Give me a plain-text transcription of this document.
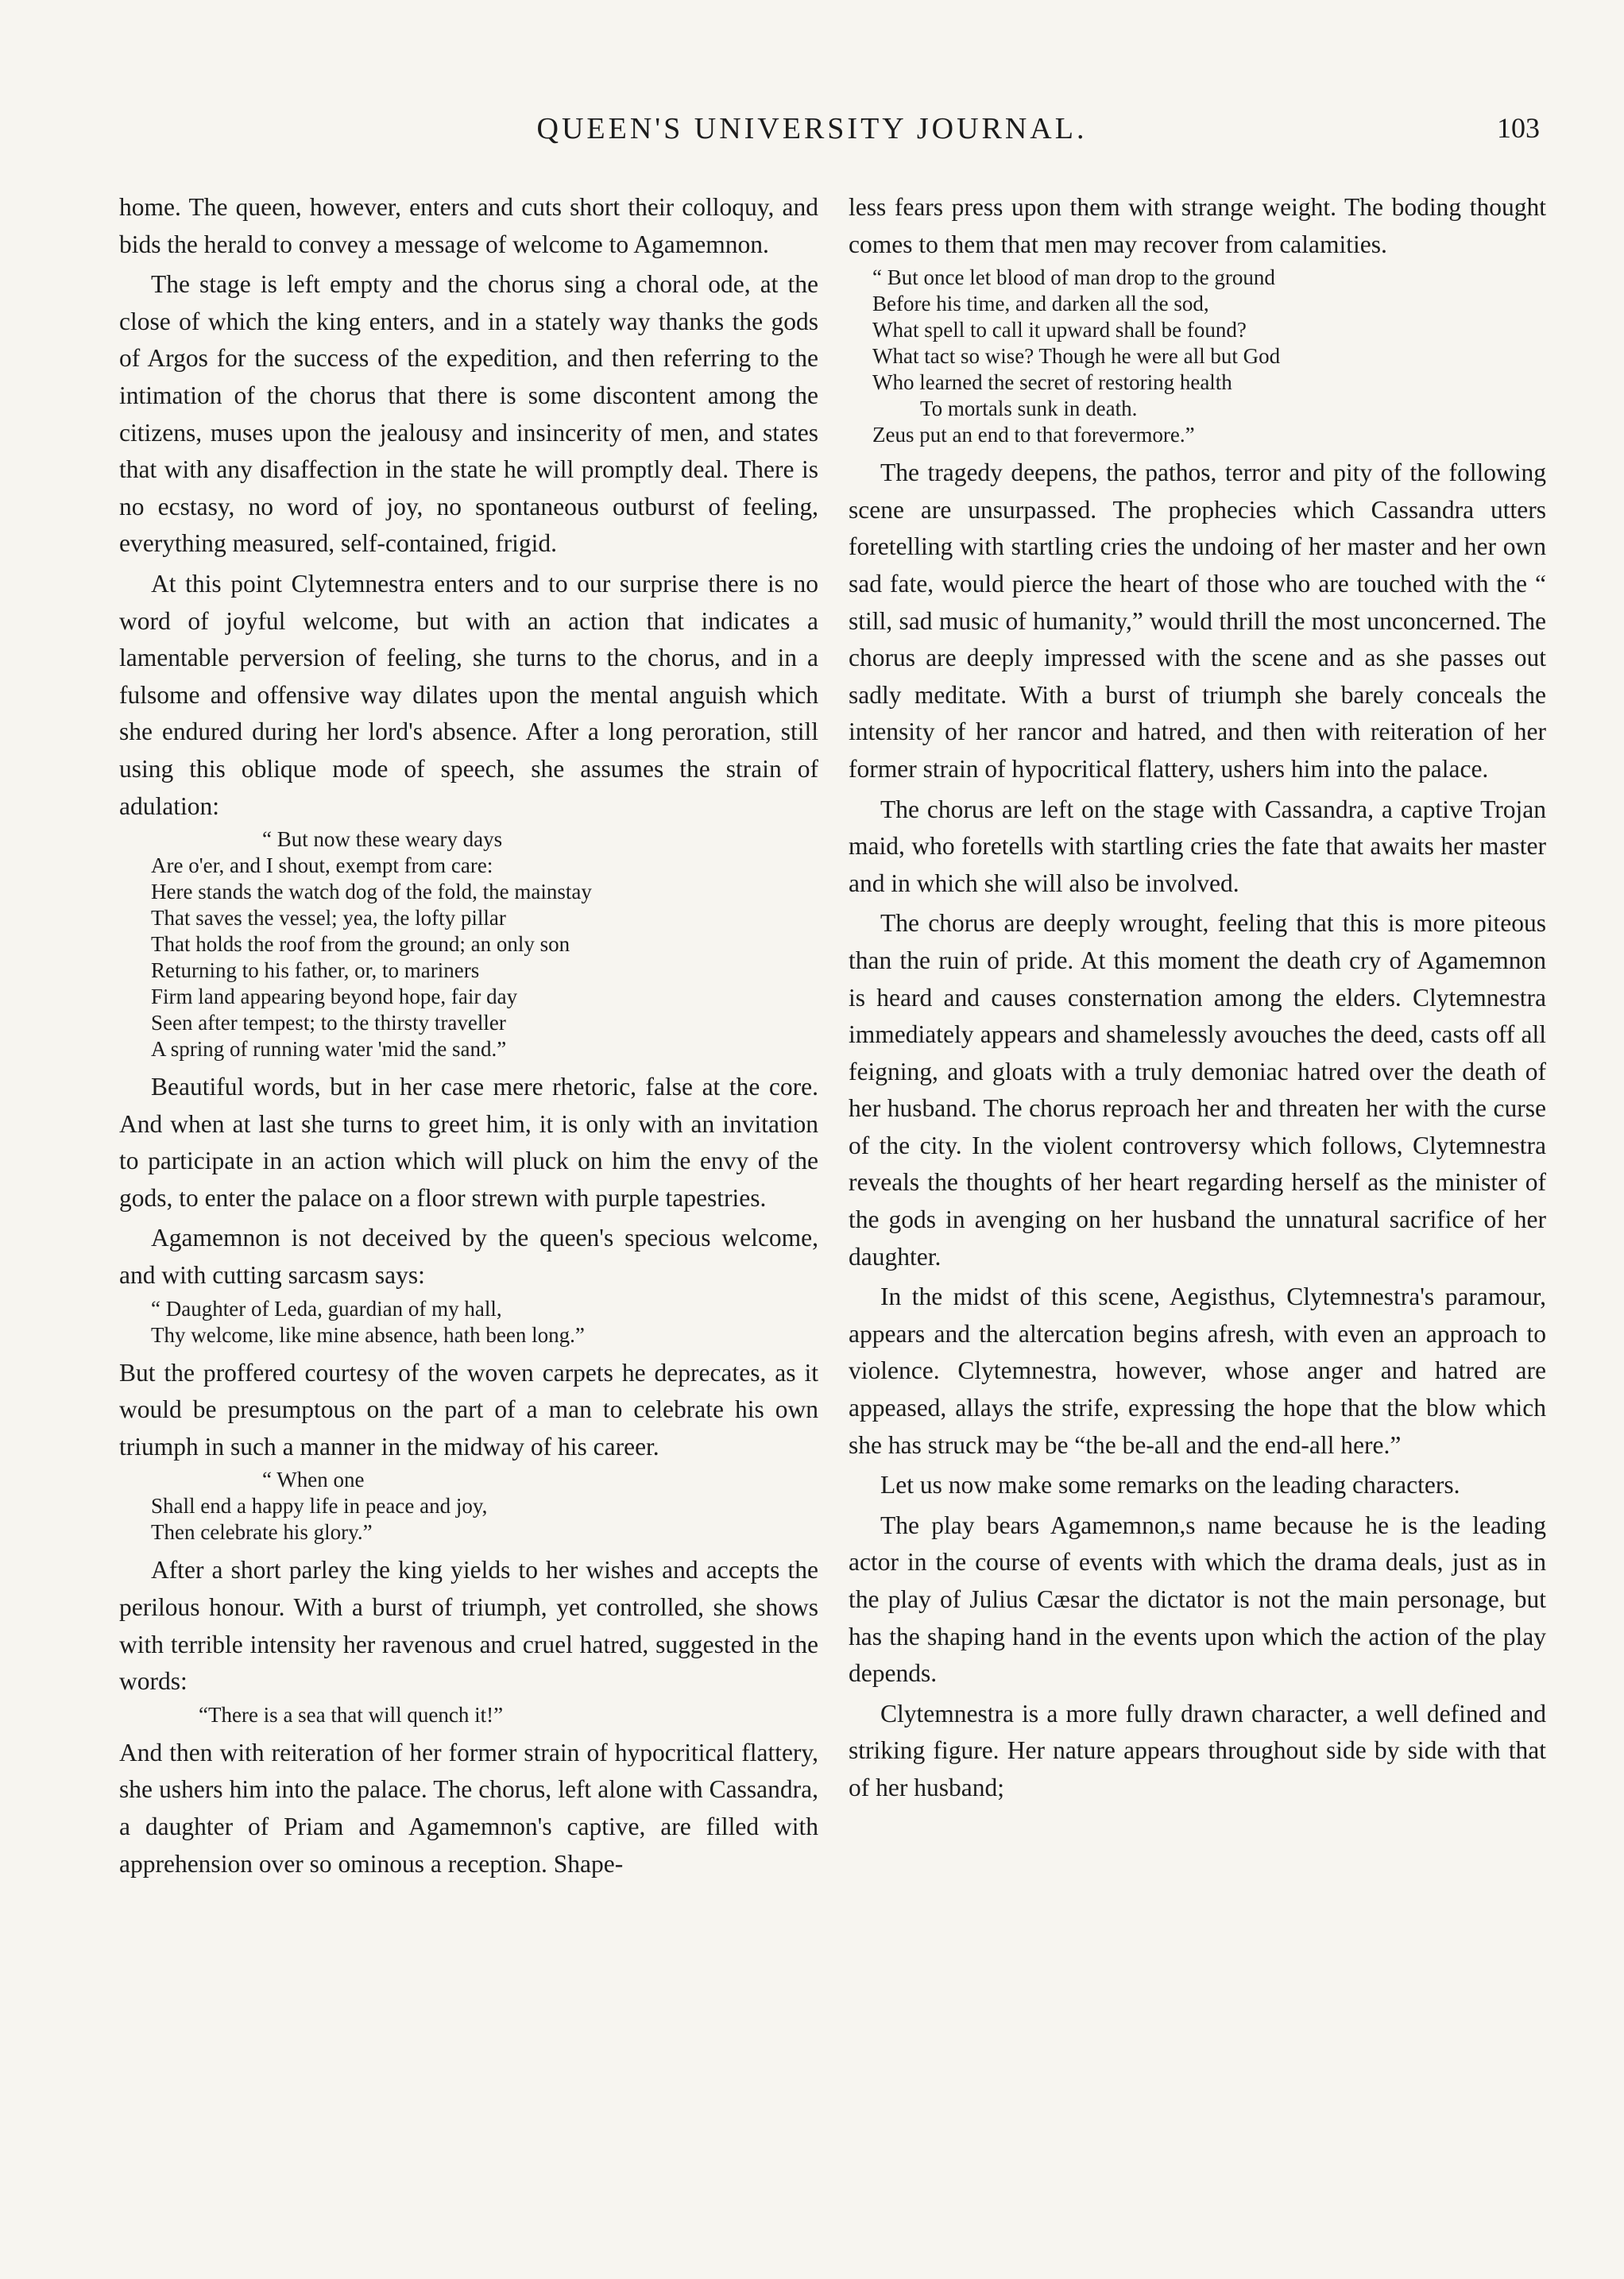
QUEEN'S UNIVERSITY JOURNAL.	103

home. The queen, however, enters and cuts short their colloquy, and bids the herald to convey a message of welcome to Agamemnon.

The stage is left empty and the chorus sing a choral ode, at the close of which the king enters, and in a stately way thanks the gods of Argos for the success of the expedition, and then referring to the intimation of the chorus that there is some discontent among the citizens, muses upon the jealousy and insincerity of men, and states that with any disaffection in the state he will promptly deal. There is no ecstasy, no word of joy, no spontaneous outburst of feeling, everything measured, self-contained, frigid.

At this point Clytemnestra enters and to our surprise there is no word of joyful welcome, but with an action that indicates a lamentable perversion of feeling, she turns to the chorus, and in a fulsome and offensive way dilates upon the mental anguish which she endured during her lord's absence. After a long peroration, still using this oblique mode of speech, she assumes the strain of adulation:

“ But now these weary days
Are o'er, and I shout, exempt from care:
Here stands the watch dog of the fold, the mainstay
That saves the vessel; yea, the lofty pillar
That holds the roof from the ground; an only son
Returning to his father, or, to mariners
Firm land appearing beyond hope, fair day
Seen after tempest; to the thirsty traveller
A spring of running water 'mid the sand.”

Beautiful words, but in her case mere rhetoric, false at the core. And when at last she turns to greet him, it is only with an invitation to participate in an action which will pluck on him the envy of the gods, to enter the palace on a floor strewn with purple tapestries.

Agamemnon is not deceived by the queen's specious welcome, and with cutting sarcasm says:

“ Daughter of Leda, guardian of my hall,
Thy welcome, like mine absence, hath been long.”

But the proffered courtesy of the woven carpets he deprecates, as it would be presumptous on the part of a man to celebrate his own triumph in such a manner in the midway of his career.

“ When one
Shall end a happy life in peace and joy,
Then celebrate his glory.”

After a short parley the king yields to her wishes and accepts the perilous honour. With a burst of triumph, yet controlled, she shows with terrible intensity her ravenous and cruel hatred, suggested in the words:

“There is a sea that will quench it!”

And then with reiteration of her former strain of hypocritical flattery, she ushers him into the palace. The chorus, left alone with Cassandra, a daughter of Priam and Agamemnon's captive, are filled with apprehension over so ominous a reception. Shape-

less fears press upon them with strange weight. The boding thought comes to them that men may recover from calamities.

“ But once let blood of man drop to the ground
Before his time, and darken all the sod,
What spell to call it upward shall be found?
What tact so wise? Though he were all but God
Who learned the secret of restoring health
To mortals sunk in death.
Zeus put an end to that forevermore.”

The tragedy deepens, the pathos, terror and pity of the following scene are unsurpassed. The prophecies which Cassandra utters foretelling with startling cries the undoing of her master and her own sad fate, would pierce the heart of those who are touched with the “ still, sad music of humanity,” would thrill the most unconcerned. The chorus are deeply impressed with the scene and as she passes out sadly meditate. With a burst of triumph she barely conceals the intensity of her rancor and hatred, and then with reiteration of her former strain of hypocritical flattery, ushers him into the palace.

The chorus are left on the stage with Cassandra, a captive Trojan maid, who foretells with startling cries the fate that awaits her master and in which she will also be involved.

The chorus are deeply wrought, feeling that this is more piteous than the ruin of pride. At this moment the death cry of Agamemnon is heard and causes consternation among the elders. Clytemnestra immediately appears and shamelessly avouches the deed, casts off all feigning, and gloats with a truly demoniac hatred over the death of her husband. The chorus reproach her and threaten her with the curse of the city. In the violent controversy which follows, Clytemnestra reveals the thoughts of her heart regarding herself as the minister of the gods in avenging on her husband the unnatural sacrifice of her daughter.

In the midst of this scene, Aegisthus, Clytemnestra's paramour, appears and the altercation begins afresh, with even an approach to violence. Clytemnestra, however, whose anger and hatred are appeased, allays the strife, expressing the hope that the blow which she has struck may be “the be-all and the end-all here.”

Let us now make some remarks on the leading characters.

The play bears Agamemnon,s name because he is the leading actor in the course of events with which the drama deals, just as in the play of Julius Cæsar the dictator is not the main personage, but has the shaping hand in the events upon which the action of the play depends.

Clytemnestra is a more fully drawn character, a well defined and striking figure. Her nature appears throughout side by side with that of her husband;
